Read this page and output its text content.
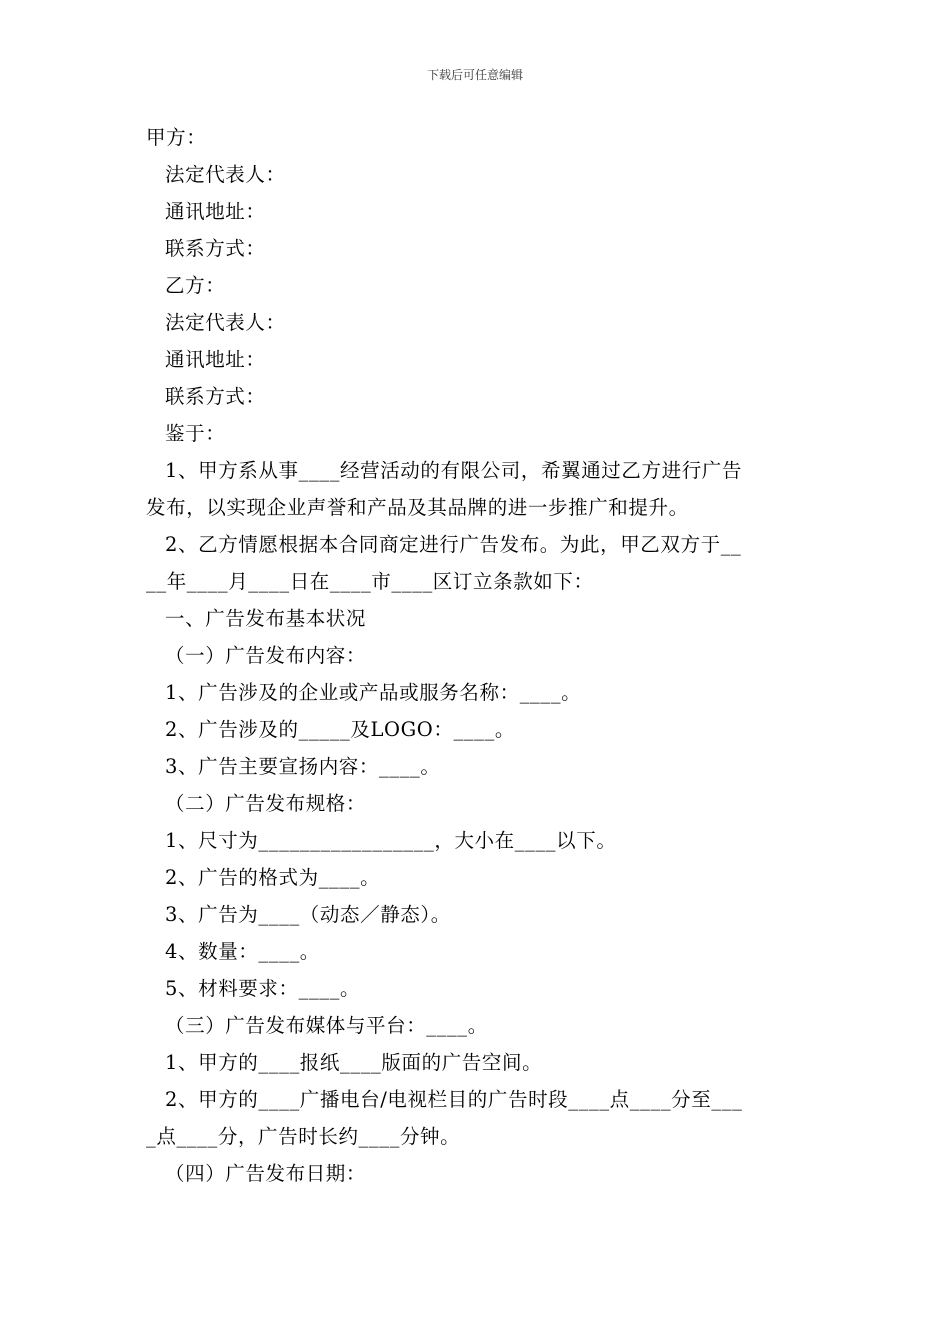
下载后可任意编辑
甲方：
法定代表人：
通讯地址：
联系方式：
乙方：
法定代表人：
通讯地址：
联系方式：
鉴于：
1、甲方系从事____经营活动的有限公司，希翼通过乙方进行广告
发布，以实现企业声誉和产品及其品牌的进一步推广和提升。
2、乙方情愿根据本合同商定进行广告发布。为此，甲乙双方于__
__年____月____日在____市____区订立条款如下：
一、广告发布基本状况
（一）广告发布内容：
1、广告涉及的企业或产品或服务名称：____。
2、广告涉及的_____及LOGO：____。
3、广告主要宣扬内容：____。
（二）广告发布规格：
1、尺寸为_________________，大小在____以下。
2、广告的格式为____。
3、广告为____（动态／静态）。
4、数量：____。
5、材料要求：____。
（三）广告发布媒体与平台：____。
1、甲方的____报纸____版面的广告空间。
2、甲方的____广播电台/电视栏目的广告时段____点____分至___
_点____分，广告时长约____分钟。
（四）广告发布日期：
